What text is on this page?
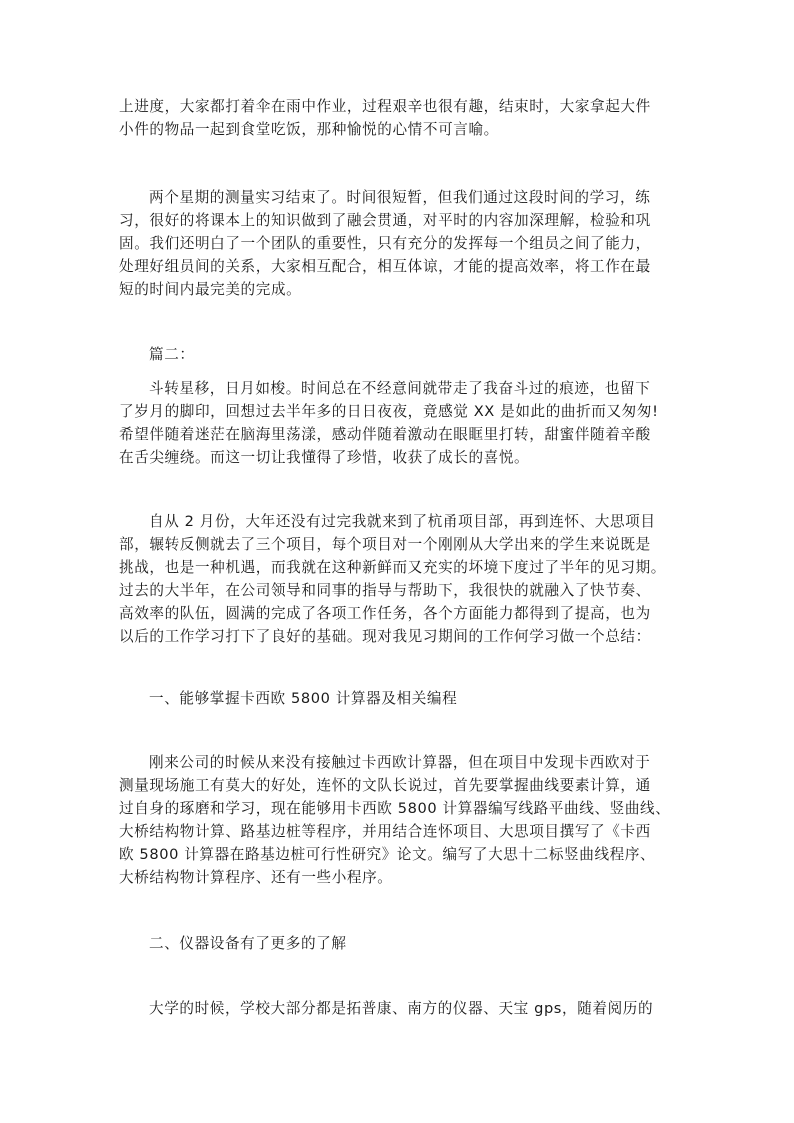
上进度，大家都打着伞在雨中作业，过程艰辛也很有趣，结束时，大家拿起大件
小件的物品一起到食堂吃饭，那种愉悦的心情不可言喻。
两个星期的测量实习结束了。时间很短暂，但我们通过这段时间的学习，练
习，很好的将课本上的知识做到了融会贯通，对平时的内容加深理解，检验和巩
固。我们还明白了一个团队的重要性，只有充分的发挥每一个组员之间了能力，
处理好组员间的关系，大家相互配合，相互体谅，才能的提高效率，将工作在最
短的时间内最完美的完成。
篇二：
斗转星移，日月如梭。时间总在不经意间就带走了我奋斗过的痕迹，也留下
了岁月的脚印，回想过去半年多的日日夜夜，竟感觉 XX 是如此的曲折而又匆匆!
希望伴随着迷茫在脑海里荡漾，感动伴随着激动在眼眶里打转，甜蜜伴随着辛酸
在舌尖缠绕。而这一切让我懂得了珍惜，收获了成长的喜悦。
自从 2 月份，大年还没有过完我就来到了杭甬项目部，再到连怀、大思项目
部，辗转反侧就去了三个项目，每个项目对一个刚刚从大学出来的学生来说既是
挑战，也是一种机遇，而我就在这种新鲜而又充实的坏境下度过了半年的见习期。
过去的大半年，在公司领导和同事的指导与帮助下，我很快的就融入了快节奏、
高效率的队伍，圆满的完成了各项工作任务，各个方面能力都得到了提高，也为
以后的工作学习打下了良好的基础。现对我见习期间的工作何学习做一个总结：
一、能够掌握卡西欧 5800 计算器及相关编程
刚来公司的时候从来没有接触过卡西欧计算器，但在项目中发现卡西欧对于
测量现场施工有莫大的好处，连怀的文队长说过，首先要掌握曲线要素计算，通
过自身的琢磨和学习，现在能够用卡西欧 5800 计算器编写线路平曲线、竖曲线、
大桥结构物计算、路基边桩等程序，并用结合连怀项目、大思项目撰写了《卡西
欧 5800 计算器在路基边桩可行性研究》论文。编写了大思十二标竖曲线程序、
大桥结构物计算程序、还有一些小程序。
二、仪器设备有了更多的了解
大学的时候，学校大部分都是拓普康、南方的仪器、天宝 gps，随着阅历的
